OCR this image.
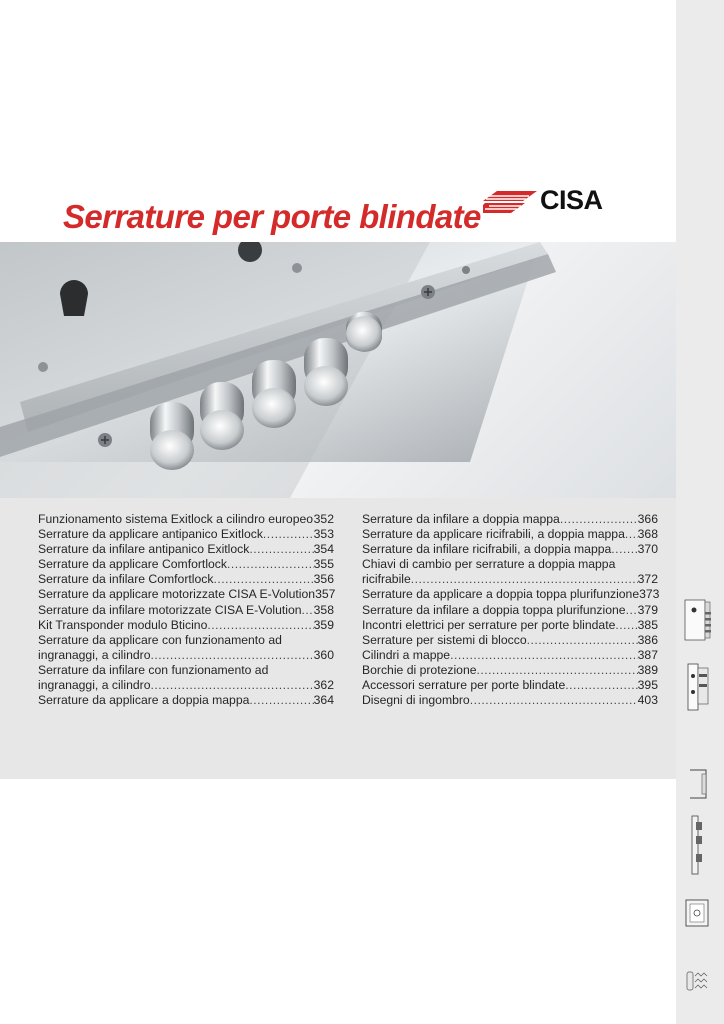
Serrature per porte blindate CISA
Funzionamento sistema Exitlock a cilindro europeo ..... 352
Serrature da applicare antipanico Exitlock .....	353
Serrature da infilare antipanico Exitlock .....	354
Serrature da applicare Comfortlock .....	355
Serrature da infilare Comfortlock .....	356
Serrature da applicare motorizzate CISA E-Volution 357
Serrature da infilare motorizzate CISA E-Volution ..... 358
Kit Transponder modulo Bticino .....	359
Serrature da applicare con funzionamento ad
ingranaggi, a cilindro .....	360
Serrature da infilare con funzionamento ad
ingranaggi, a cilindro .....	362
Serrature da applicare a doppia mappa .....	364
Serrature da infilare a doppia mappa .....	366
Serrature da applicare ricifrabili, a doppia mappa ..... 368
Serrature da infilare ricifrabili, a doppia mappa ..... 370
Chiavi di cambio per serrature a doppia mappa
ricifrabile .....	372
Serrature da applicare a doppia toppa plurifunzione 373
Serrature da infilare a doppia toppa plurifunzione ..... 379
Incontri elettrici per serrature per porte blindate ..... 385
Serrature per sistemi di blocco .....	386
Cilindri a mappe .....	387
Borchie di protezione .....	389
Accessori serrature per porte blindate .....	395
Disegni di ingombro .....	403
